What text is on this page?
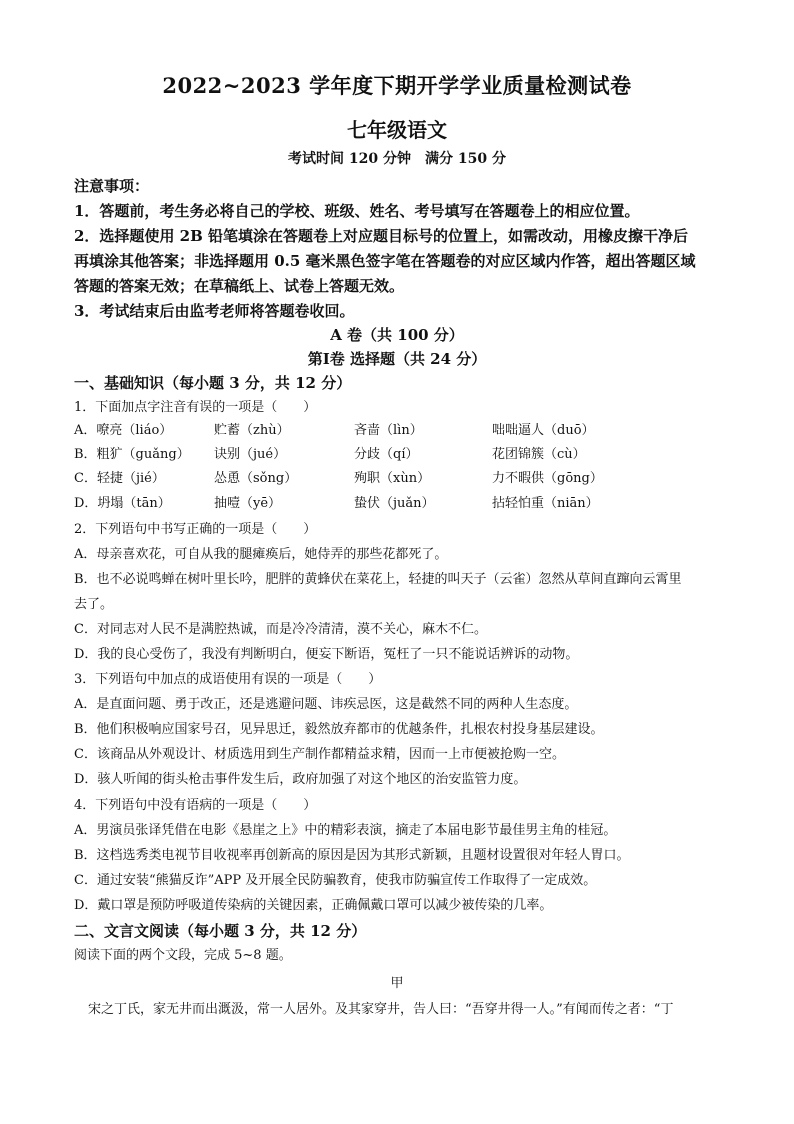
2022~2023 学年度下期开学学业质量检测试卷
七年级语文
考试时间 120 分钟　满分 150 分
注意事项：
1．答题前，考生务必将自己的学校、班级、姓名、考号填写在答题卷上的相应位置。
2．选择题使用 2B 铅笔填涂在答题卷上对应题目标号的位置上，如需改动，用橡皮擦干净后
再填涂其他答案；非选择题用 0.5 毫米黑色签字笔在答题卷的对应区域内作答，超出答题区域
答题的答案无效；在草稿纸上、试卷上答题无效。
3．考试结束后由监考老师将答题卷收回。
A 卷（共 100 分）
第Ⅰ卷 选择题（共 24 分）
一、基础知识（每小题 3 分，共 12 分）
1．下面加点字注音有误的一项是（　　）
A．嘹亮（liáo）	贮蓄（zhù）	吝啬（lìn）	咄咄逼人（duō）
B．粗犷（guǎng） 诀别（jué）	分歧（qí）	花团锦簇（cù）
C．轻捷（jié）	怂恿（sǒng）	殉职（xùn）	力不暇供（gōng）
D．坍塌（tān）	抽噎（yē）	蛰伏（juǎn）	拈轻怕重（niān）
2．下列语句中书写正确的一项是（　　）
A．母亲喜欢花，可自从我的腿瘫痪后，她侍弄的那些花都死了。
B．也不必说鸣蝉在树叶里长吟，肥胖的黄蜂伏在菜花上，轻捷的叫天子（云雀）忽然从草间直蹿向云霄里
去了。
C．对同志对人民不是满腔热诚，而是冷冷清清，漠不关心，麻木不仁。
D．我的良心受伤了，我没有判断明白，便妄下断语，冤枉了一只不能说话辨诉的动物。
3．下列语句中加点的成语使用有误的一项是（　　）
A．是直面问题、勇于改正，还是逃避问题、讳疾忌医，这是截然不同的两种人生态度。
B．他们积极响应国家号召，见异思迁，毅然放弃都市的优越条件，扎根农村投身基层建设。
C．该商品从外观设计、材质选用到生产制作都精益求精，因而一上市便被抢购一空。
D．骇人听闻的街头枪击事件发生后，政府加强了对这个地区的治安监管力度。
4．下列语句中没有语病的一项是（　　）
A．男演员张译凭借在电影《悬崖之上》中的精彩表演，摘走了本届电影节最佳男主角的桂冠。
B．这档选秀类电视节目收视率再创新高的原因是因为其形式新颖，且题材设置很对年轻人胃口。
C．通过安装“熊猫反诈”APP 及开展全民防骗教育，使我市防骗宣传工作取得了一定成效。
D．戴口罩是预防呼吸道传染病的关键因素，正确佩戴口罩可以减少被传染的几率。
二、文言文阅读（每小题 3 分，共 12 分）
阅读下面的两个文段，完成 5~8 题。
甲
宋之丁氏，家无井而出溉汲，常一人居外。及其家穿井，告人曰：“吾穿井得一人。”有闻而传之者：“丁
